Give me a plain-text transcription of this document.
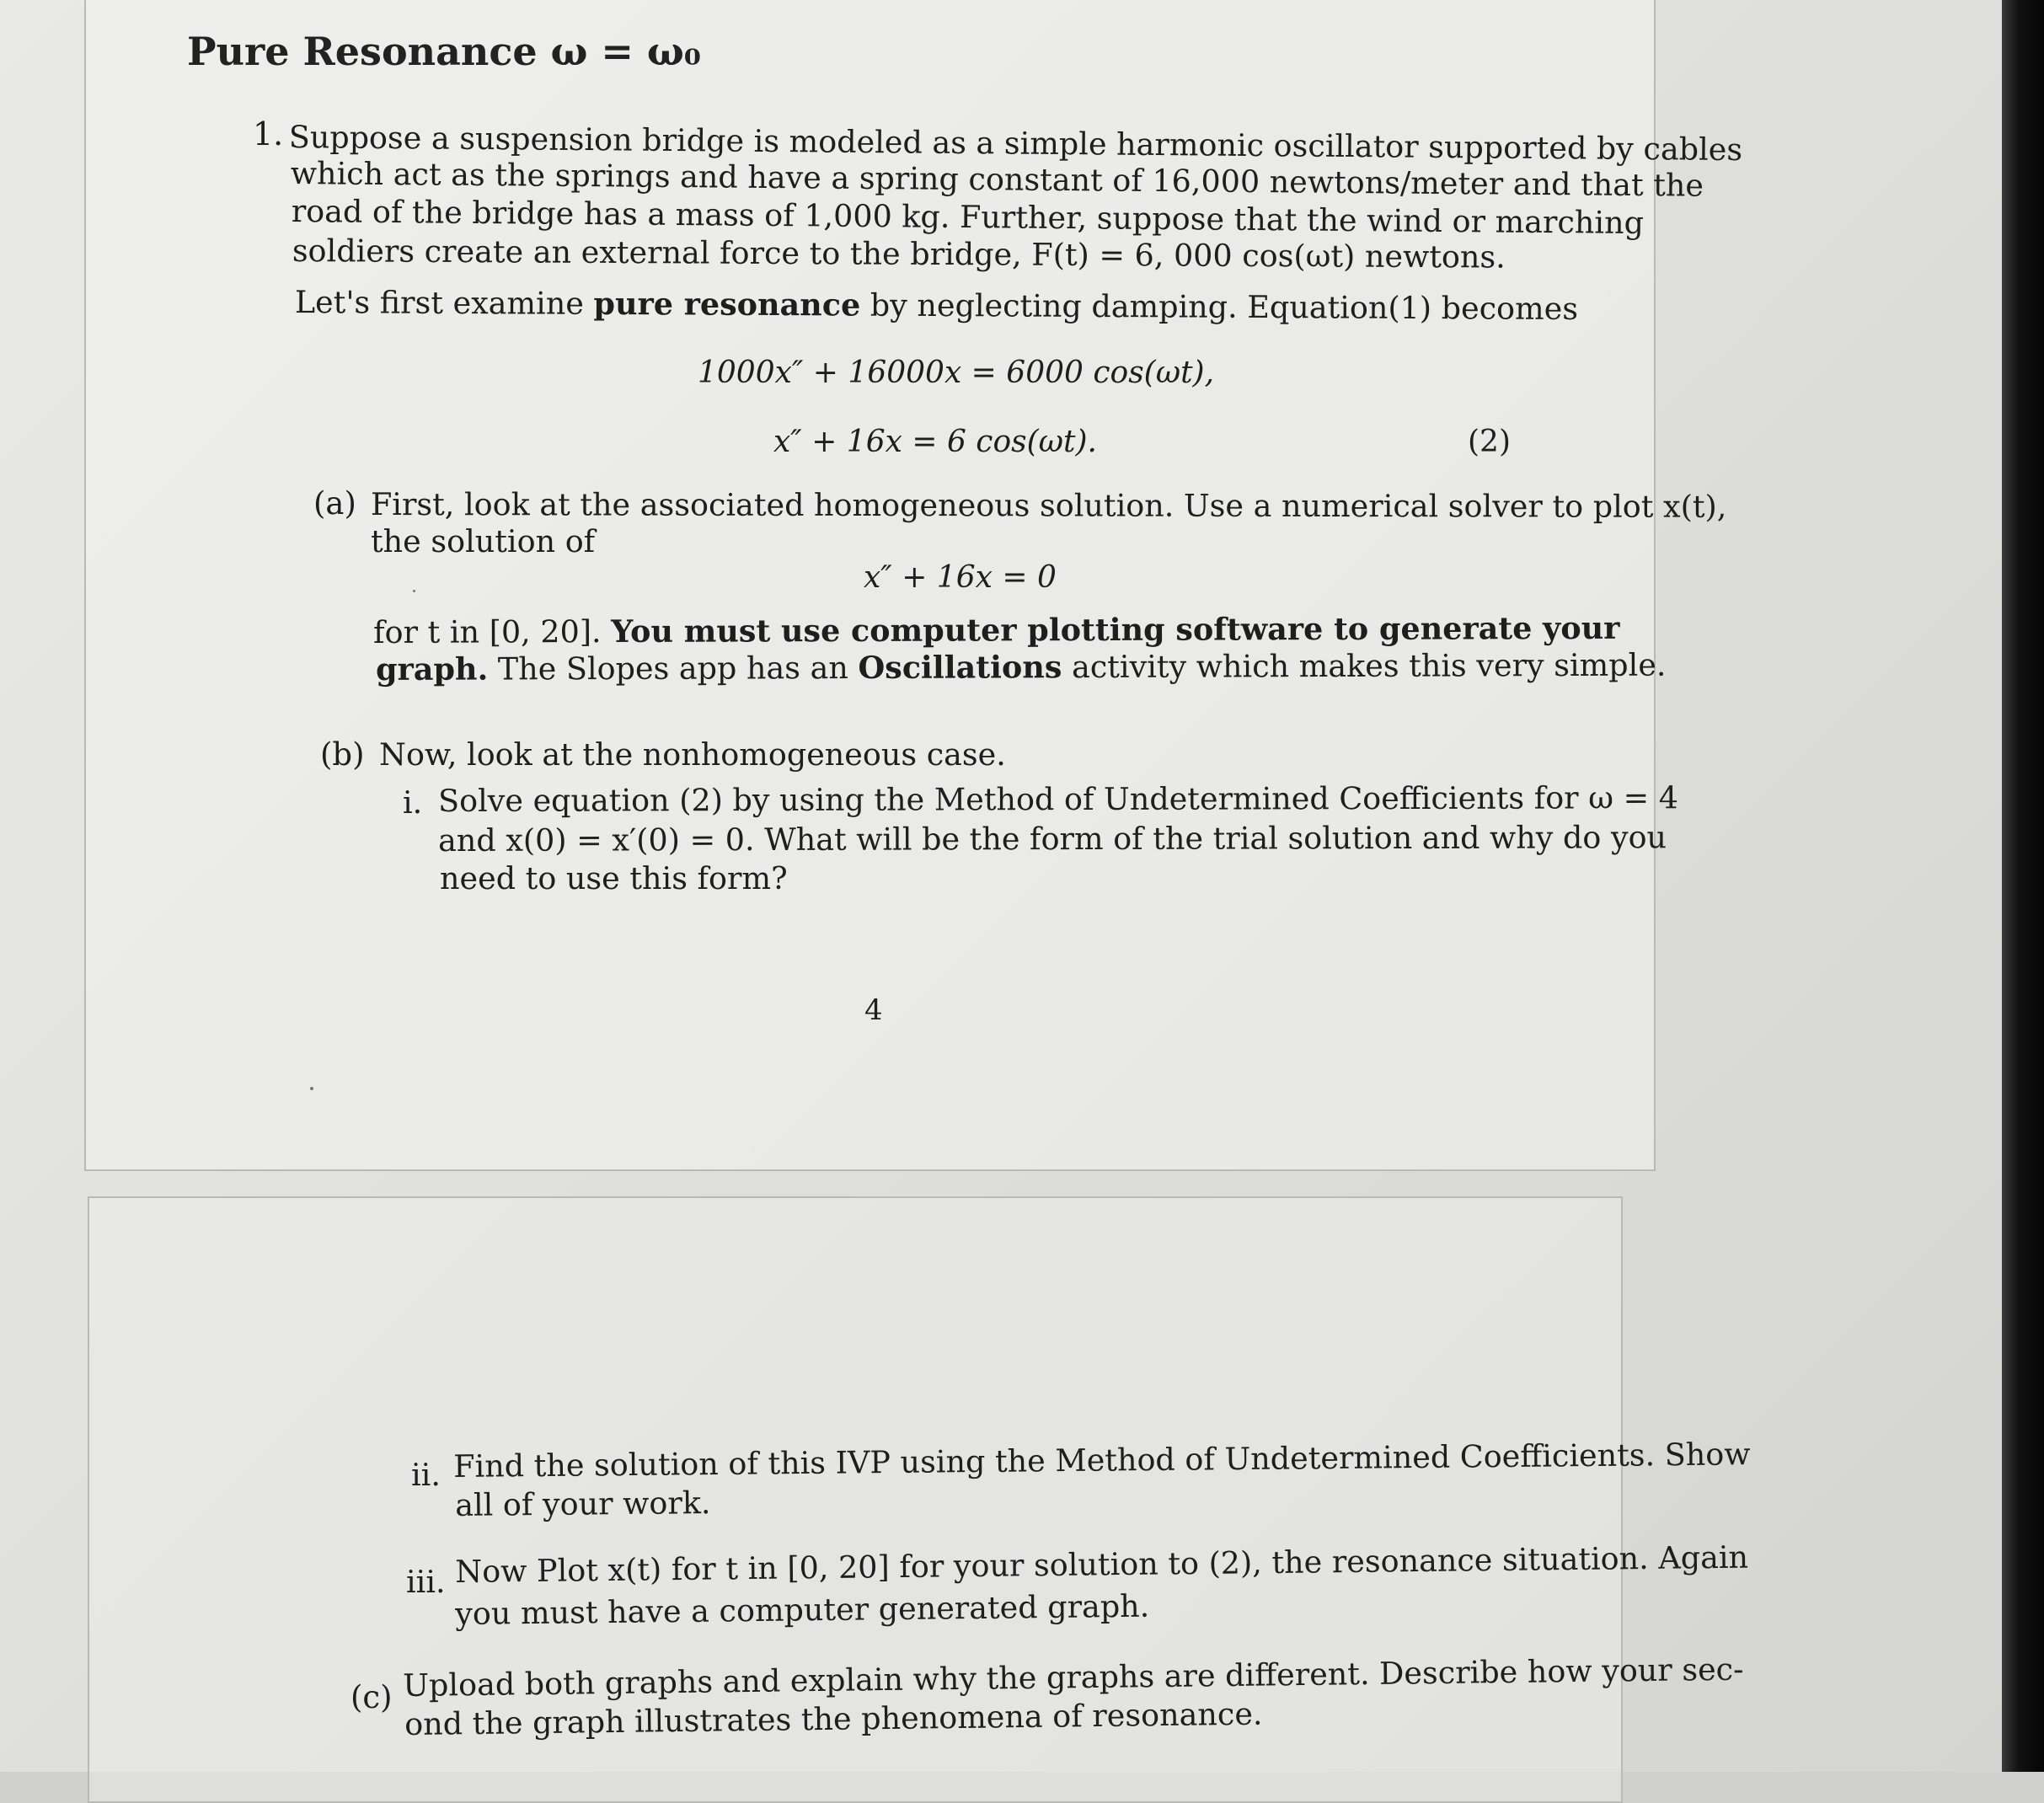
Pure Resonance ω = ω₀
1. Suppose a suspension bridge is modeled as a simple harmonic oscillator supported by cables
which act as the springs and have a spring constant of 16,000 newtons/meter and that the
road of the bridge has a mass of 1,000 kg. Further, suppose that the wind or marching
soldiers create an external force to the bridge, F(t) = 6, 000 cos(ωt) newtons.
Let's first examine pure resonance by neglecting damping. Equation(1) becomes
1000x″ + 16000x = 6000 cos(ωt),
x″ + 16x = 6 cos(ωt).	(2)
(a) First, look at the associated homogeneous solution. Use a numerical solver to plot x(t),
the solution of
x″ + 16x = 0
for t in [0, 20]. You must use computer plotting software to generate your
graph. The Slopes app has an Oscillations activity which makes this very simple.
(b) Now, look at the nonhomogeneous case.
i. Solve equation (2) by using the Method of Undetermined Coefficients for ω = 4
and x(0) = x′(0) = 0. What will be the form of the trial solution and why do you
need to use this form?
4
ii. Find the solution of this IVP using the Method of Undetermined Coefficients. Show
all of your work.
iii. Now Plot x(t) for t in [0, 20] for your solution to (2), the resonance situation. Again
you must have a computer generated graph.
(c) Upload both graphs and explain why the graphs are different. Describe how your sec-
ond the graph illustrates the phenomena of resonance.
